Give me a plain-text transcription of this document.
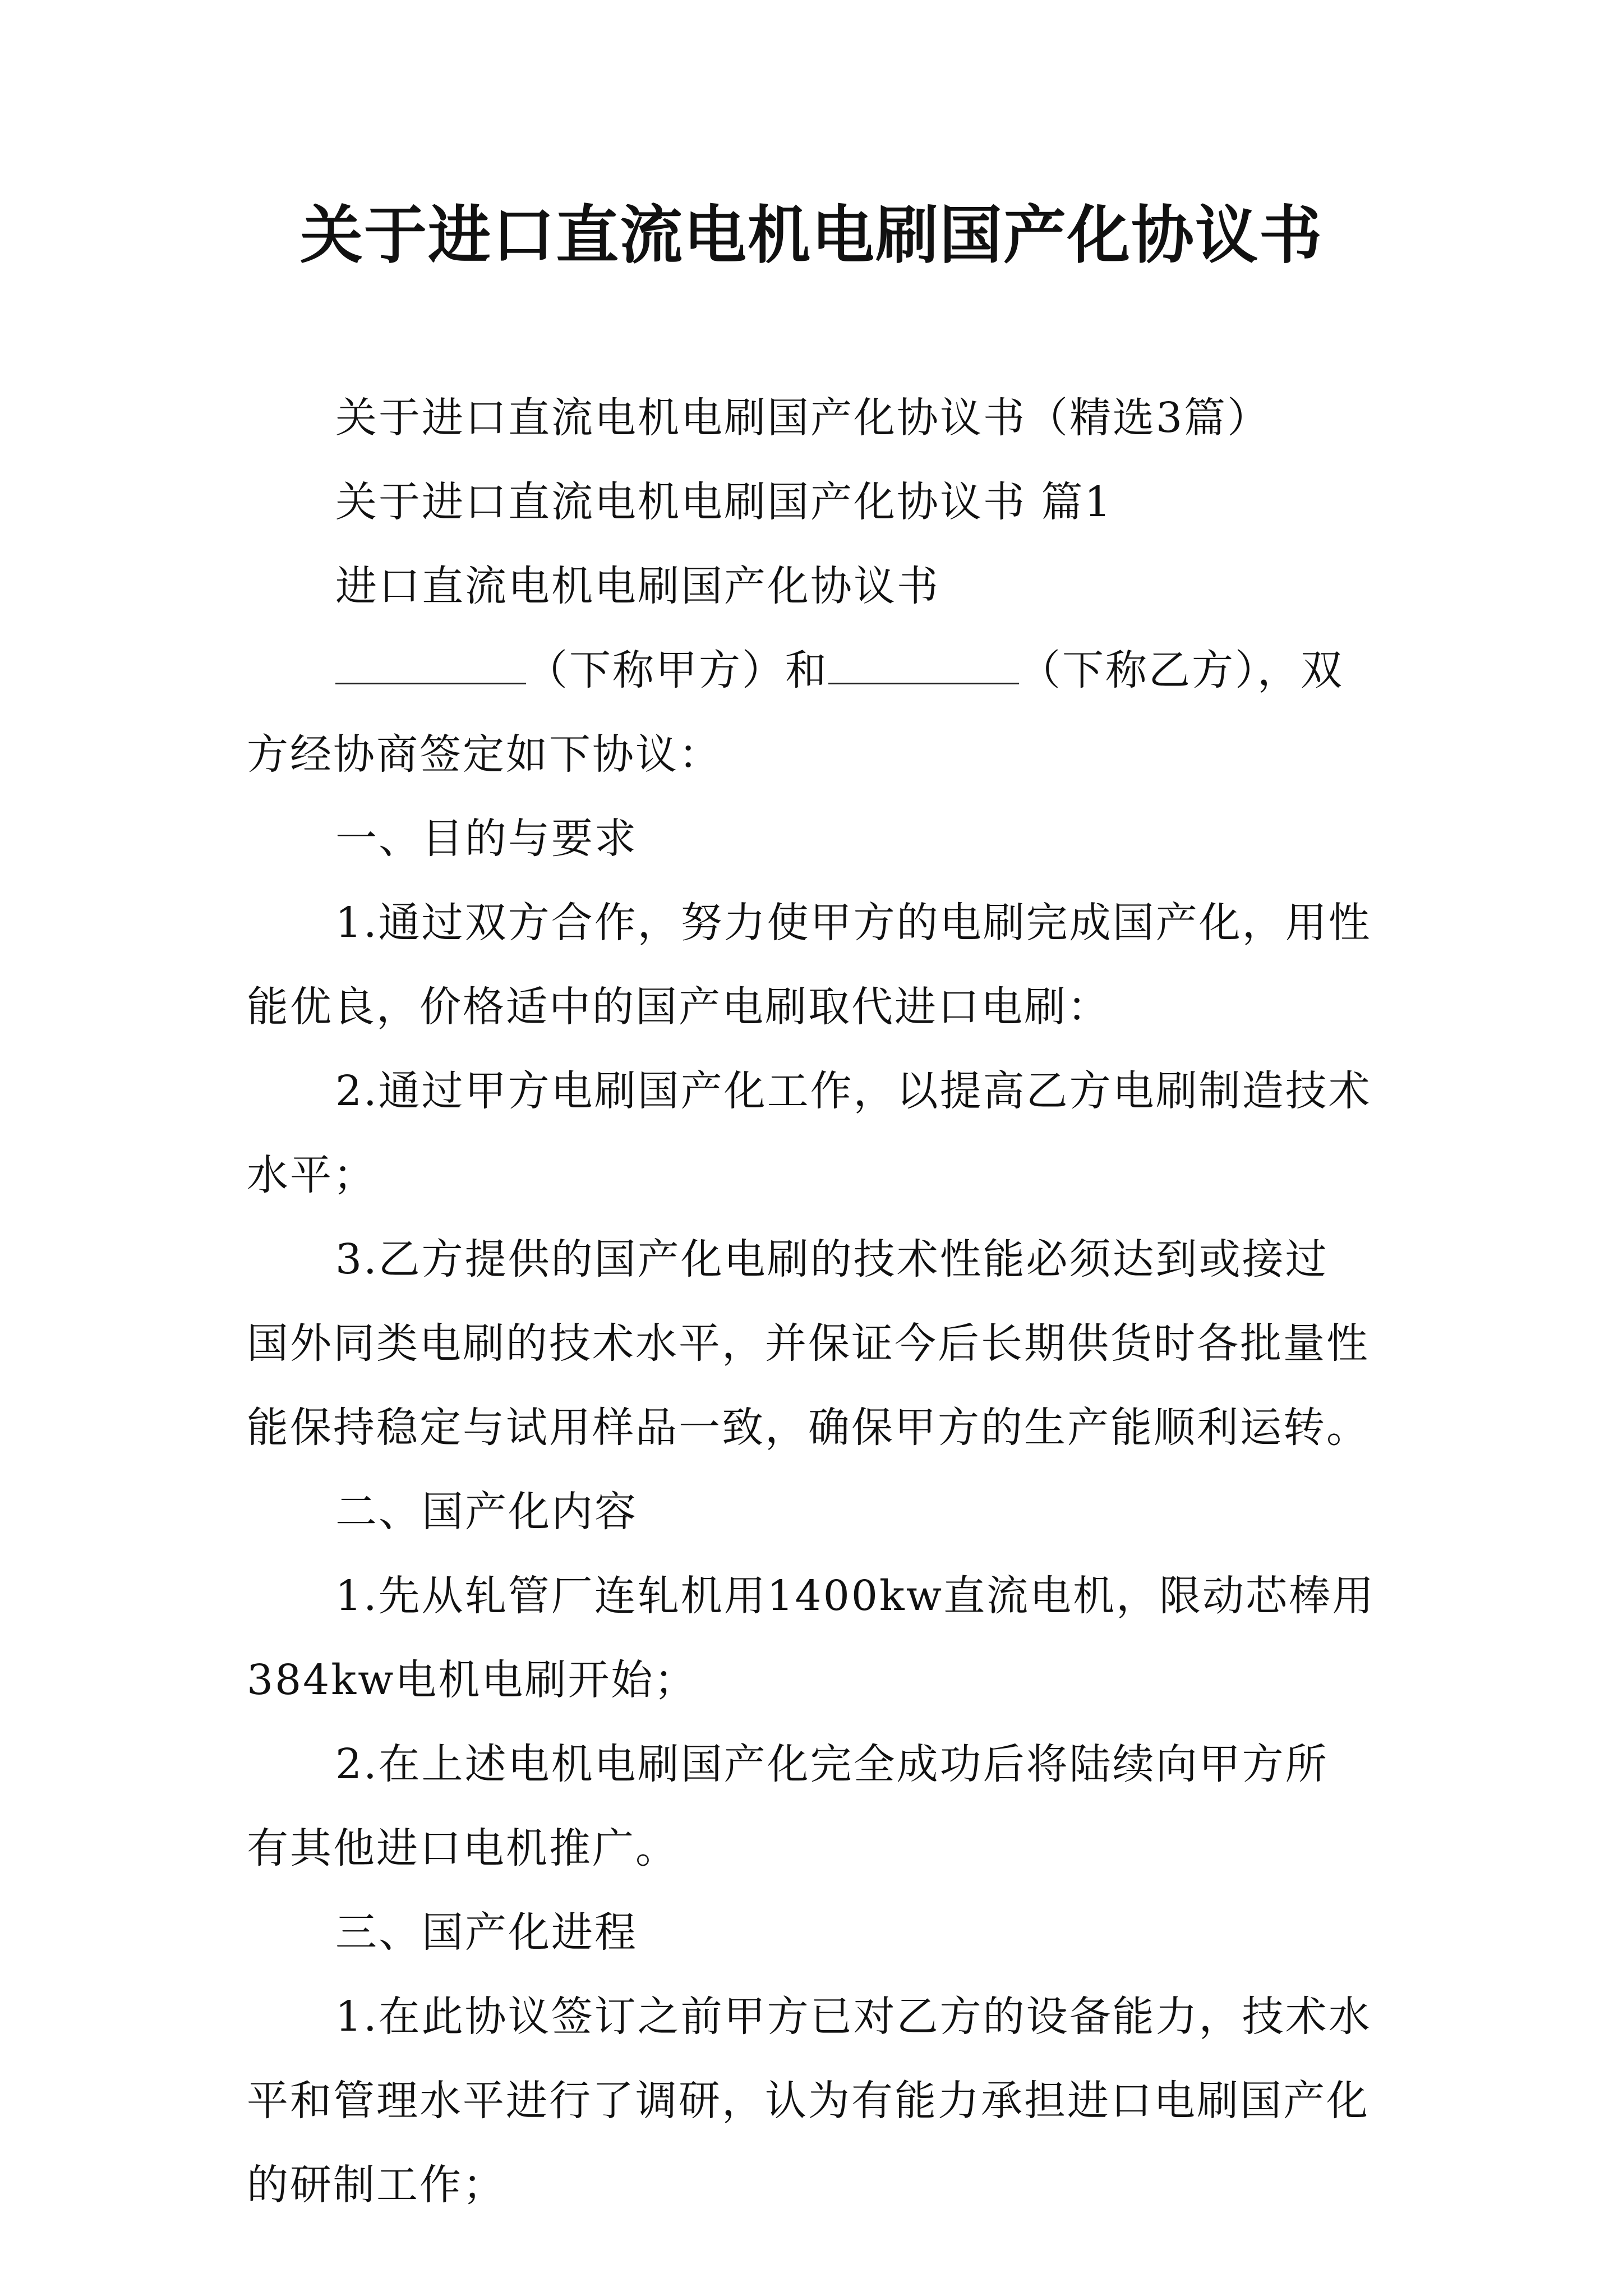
关于进口直流电机电刷国产化协议书
关于进口直流电机电刷国产化协议书（精选3篇）
关于进口直流电机电刷国产化协议书 篇1
进口直流电机电刷国产化协议书
（下称甲方）和	（下称乙方），双
方经协商签定如下协议：
一、目的与要求
1.通过双方合作，努力使甲方的电刷完成国产化，用性
能优良，价格适中的国产电刷取代进口电刷：
2.通过甲方电刷国产化工作，以提高乙方电刷制造技术
水平；
3.乙方提供的国产化电刷的技术性能必须达到或接过
国外同类电刷的技术水平，并保证今后长期供货时各批量性
能保持稳定与试用样品一致，确保甲方的生产能顺利运转。
二、国产化内容
1.先从轧管厂连轧机用1400kw直流电机，限动芯棒用
384kw电机电刷开始；
2.在上述电机电刷国产化完全成功后将陆续向甲方所
有其他进口电机推广。
三、国产化进程
1.在此协议签订之前甲方已对乙方的设备能力，技术水
平和管理水平进行了调研，认为有能力承担进口电刷国产化
的研制工作；
